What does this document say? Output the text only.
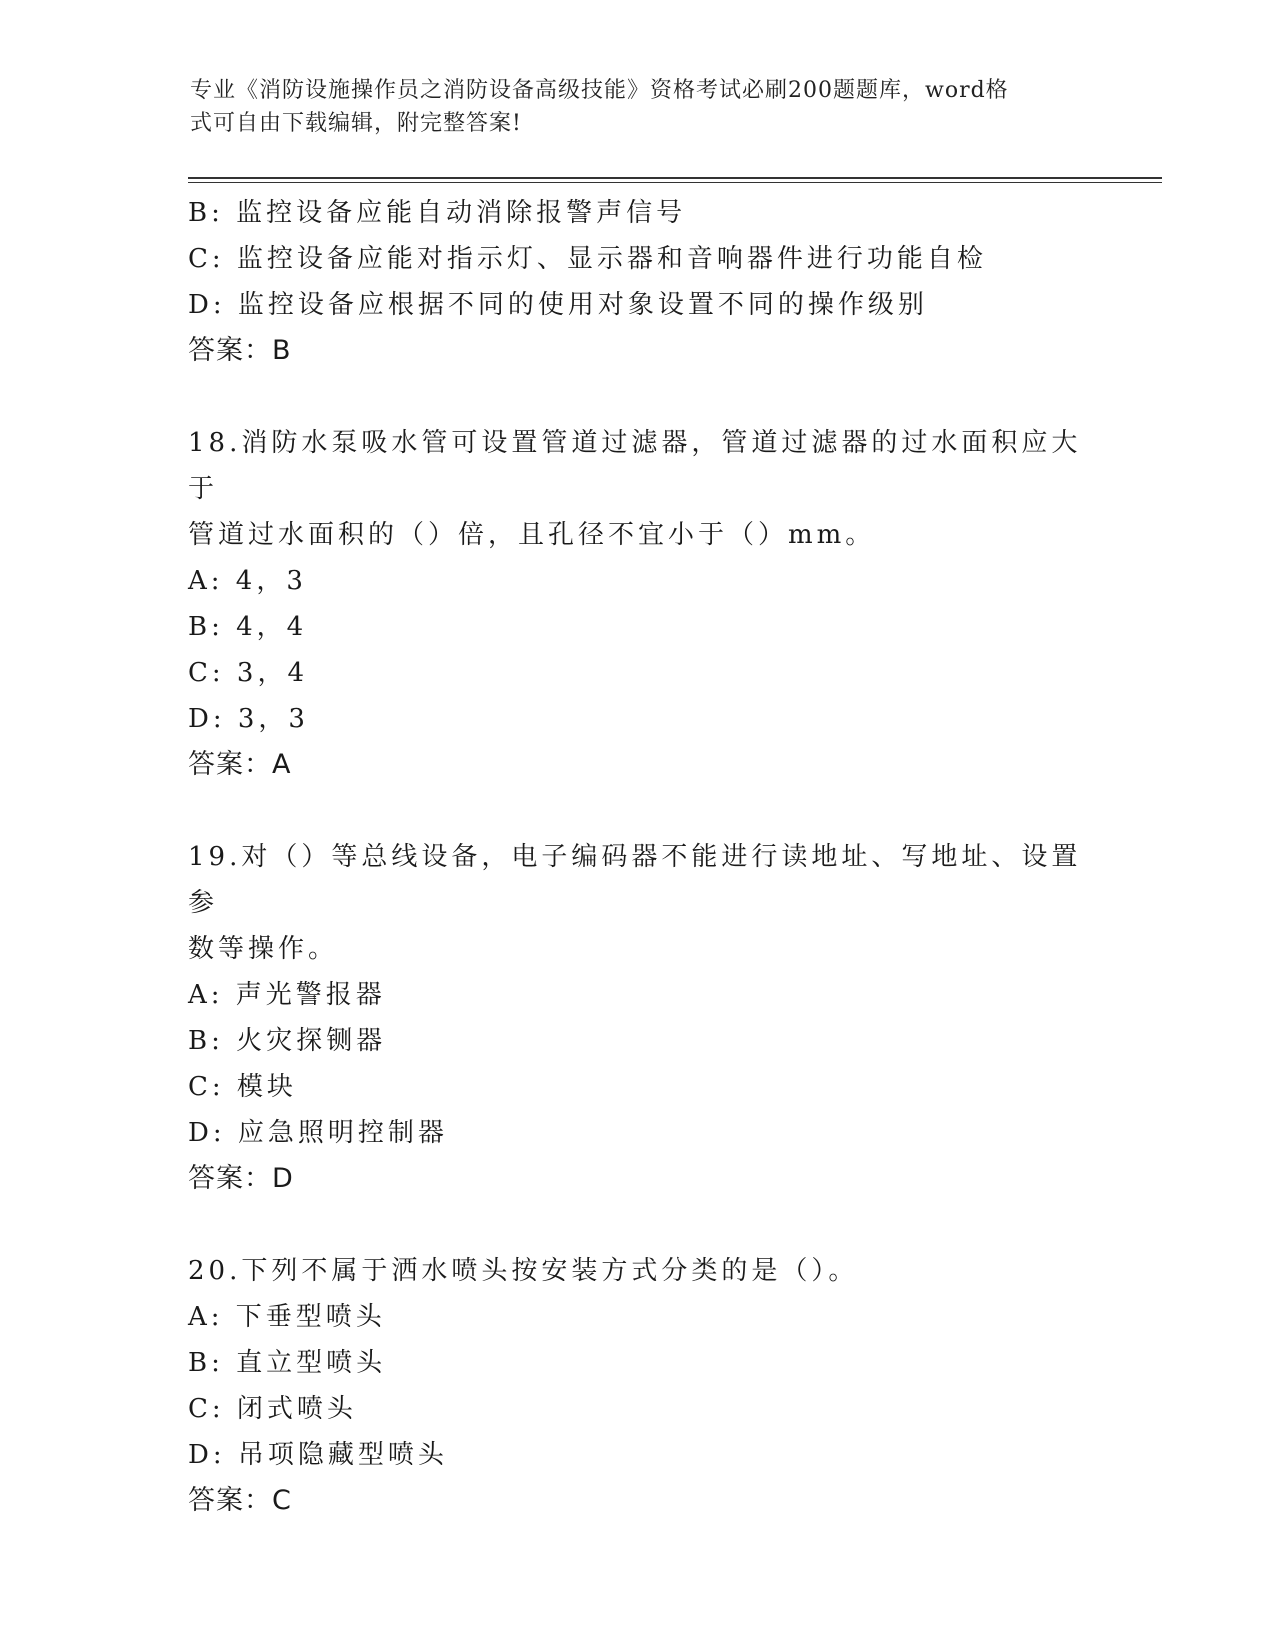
专业《消防设施操作员之消防设备高级技能》资格考试必刷200题题库，word格
式可自由下载编辑，附完整答案!
B: 监控设备应能自动消除报警声信号
C: 监控设备应能对指示灯、显示器和音响器件进行功能自检
D: 监控设备应根据不同的使用对象设置不同的操作级别
答案：B
18.消防水泵吸水管可设置管道过滤器，管道过滤器的过水面积应大于
管道过水面积的（）倍，且孔径不宜小于（）mm。
A: 4，3
B: 4，4
C: 3，4
D: 3，3
答案：A
19.对（）等总线设备，电子编码器不能进行读地址、写地址、设置参
数等操作。
A: 声光警报器
B: 火灾探铡器
C: 模块
D: 应急照明控制器
答案：D
20.下列不属于洒水喷头按安装方式分类的是（）。
A: 下垂型喷头
B: 直立型喷头
C: 闭式喷头
D: 吊项隐藏型喷头
答案：C
